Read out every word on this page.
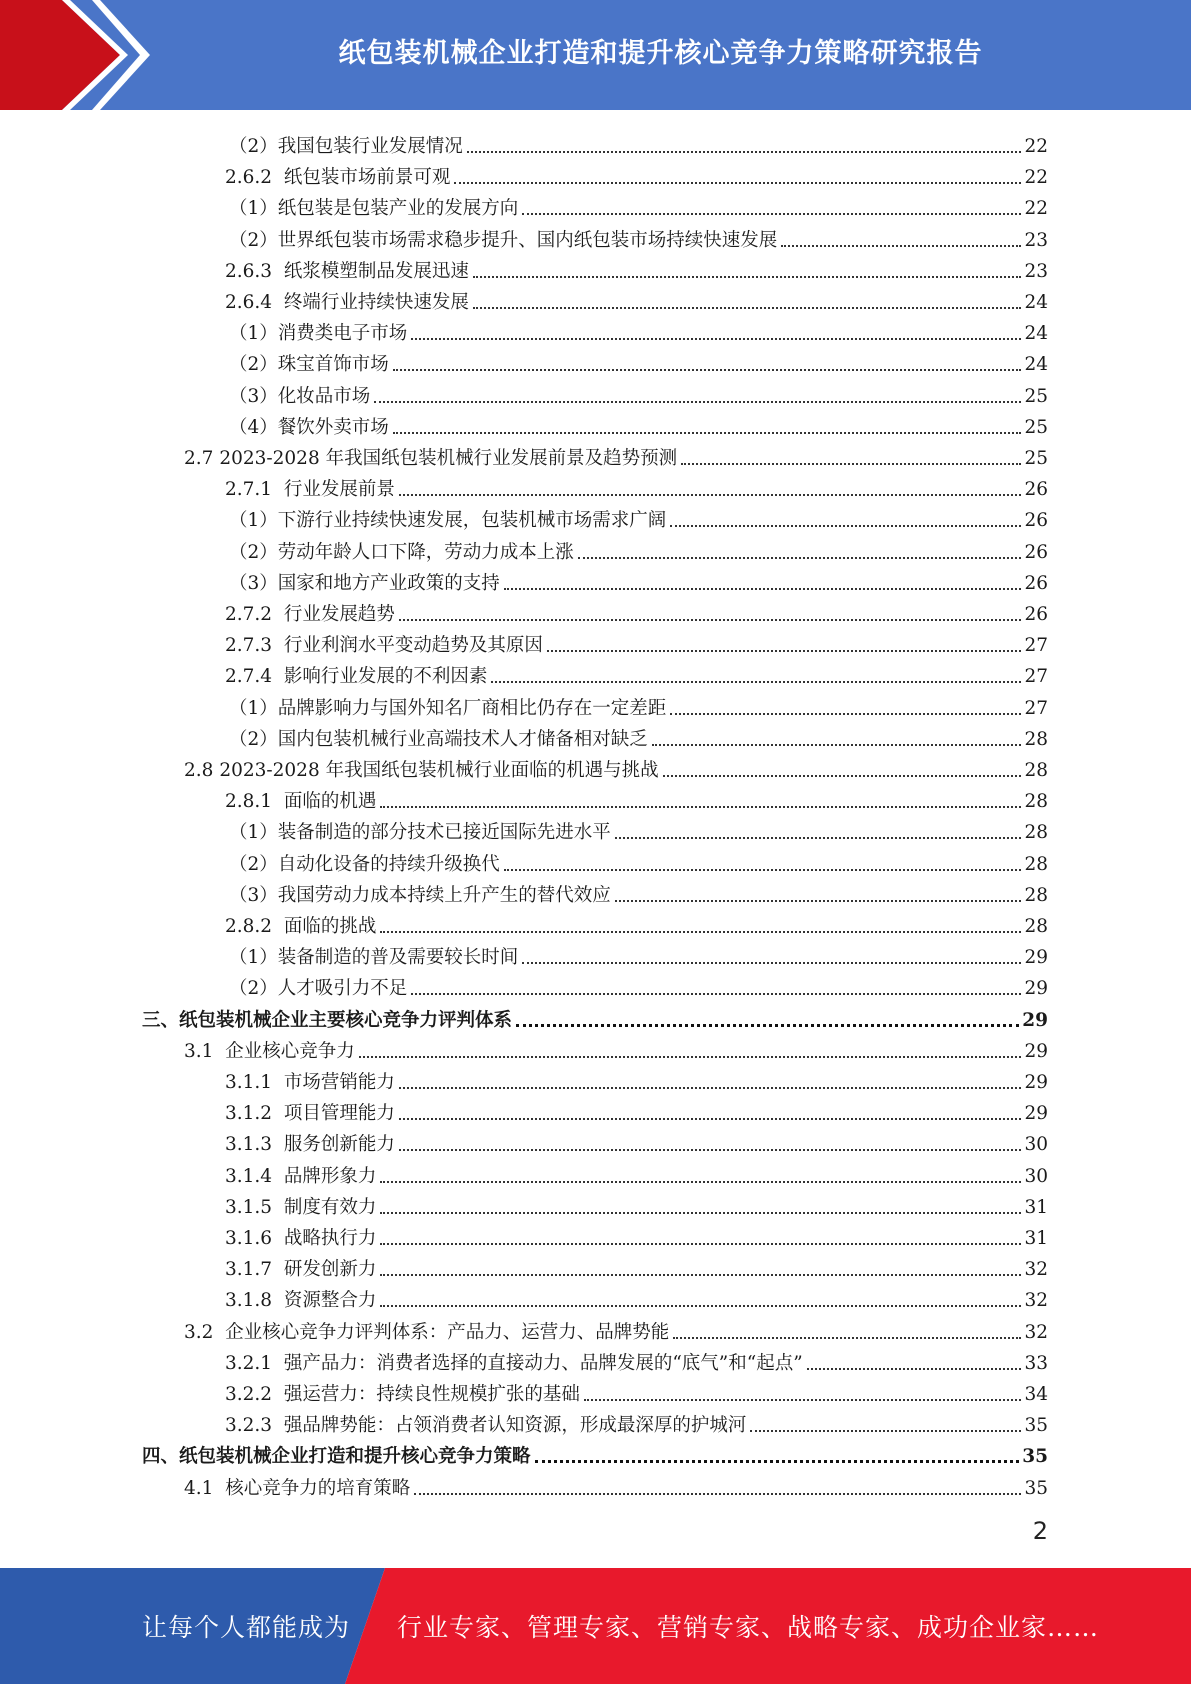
纸包装机械企业打造和提升核心竞争力策略研究报告
（2）我国包装行业发展情况	22
2.6.2 纸包装市场前景可观	22
（1）纸包装是包装产业的发展方向	22
（2）世界纸包装市场需求稳步提升、国内纸包装市场持续快速发展	23
2.6.3 纸浆模塑制品发展迅速	23
2.6.4 终端行业持续快速发展	24
（1）消费类电子市场	24
（2）珠宝首饰市场	24
（3）化妆品市场	25
（4）餐饮外卖市场	25
2.7 2023-2028 年我国纸包装机械行业发展前景及趋势预测	25
2.7.1 行业发展前景	26
（1）下游行业持续快速发展，包装机械市场需求广阔	26
（2）劳动年龄人口下降，劳动力成本上涨	26
（3）国家和地方产业政策的支持	26
2.7.2 行业发展趋势	26
2.7.3 行业利润水平变动趋势及其原因	27
2.7.4 影响行业发展的不利因素	27
（1）品牌影响力与国外知名厂商相比仍存在一定差距	27
（2）国内包装机械行业高端技术人才储备相对缺乏	28
2.8 2023-2028 年我国纸包装机械行业面临的机遇与挑战	28
2.8.1 面临的机遇	28
（1）装备制造的部分技术已接近国际先进水平	28
（2）自动化设备的持续升级换代	28
（3）我国劳动力成本持续上升产生的替代效应	28
2.8.2 面临的挑战	28
（1）装备制造的普及需要较长时间	29
（2）人才吸引力不足	29
三、纸包装机械企业主要核心竞争力评判体系	29
3.1 企业核心竞争力	29
3.1.1 市场营销能力	29
3.1.2 项目管理能力	29
3.1.3 服务创新能力	30
3.1.4 品牌形象力	30
3.1.5 制度有效力	31
3.1.6 战略执行力	31
3.1.7 研发创新力	32
3.1.8 资源整合力	32
3.2 企业核心竞争力评判体系：产品力、运营力、品牌势能	32
3.2.1 强产品力：消费者选择的直接动力、品牌发展的“底气”和“起点”	33
3.2.2 强运营力：持续良性规模扩张的基础	34
3.2.3 强品牌势能：占领消费者认知资源，形成最深厚的护城河	35
四、纸包装机械企业打造和提升核心竞争力策略	35
4.1 核心竞争力的培育策略	35
2
让每个人都能成为 行业专家、管理专家、营销专家、战略专家、成功企业家……
